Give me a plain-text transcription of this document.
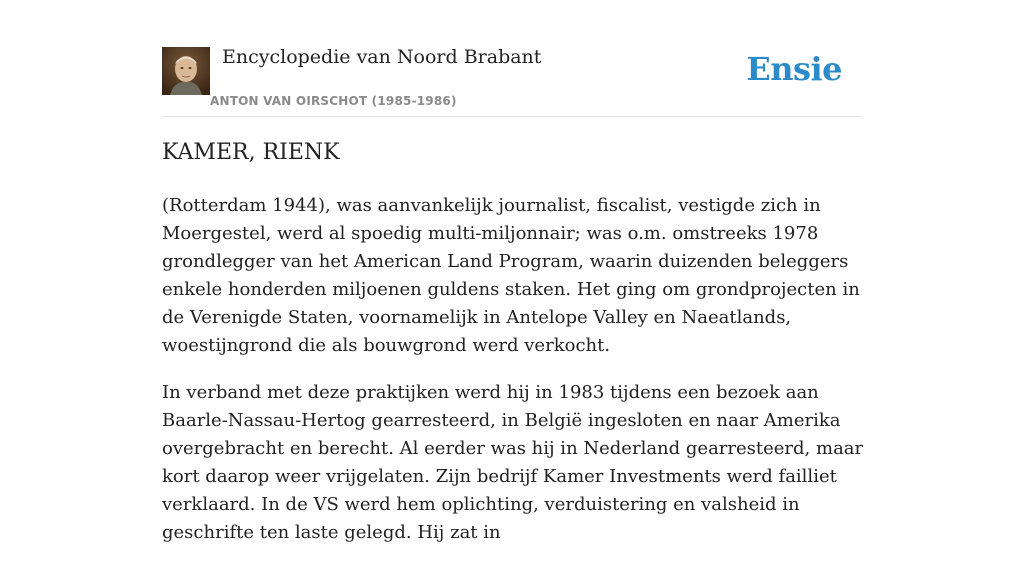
Encyclopedie van Noord Brabant
ANTON VAN OIRSCHOT (1985-1986)
Ensie
KAMER, RIENK

(Rotterdam 1944), was aanvankelijk journalist, fiscalist, vestigde zich in Moergestel, werd al spoedig multi-miljonnair; was o.m. omstreeks 1978 grondlegger van het American Land Program, waarin duizenden beleggers enkele honderden miljoenen guldens staken. Het ging om grondprojecten in de Verenigde Staten, voornamelijk in Antelope Valley en Naeatlands, woestijngrond die als bouwgrond werd verkocht.

In verband met deze praktijken werd hij in 1983 tijdens een bezoek aan Baarle-Nassau-Hertog gearresteerd, in België ingesloten en naar Amerika overgebracht en berecht. Al eerder was hij in Nederland gearresteerd, maar kort daarop weer vrijgelaten. Zijn bedrijf Kamer Investments werd failliet verklaard. In de VS werd hem oplichting, verduistering en valsheid in geschrifte ten laste gelegd. Hij zat in
